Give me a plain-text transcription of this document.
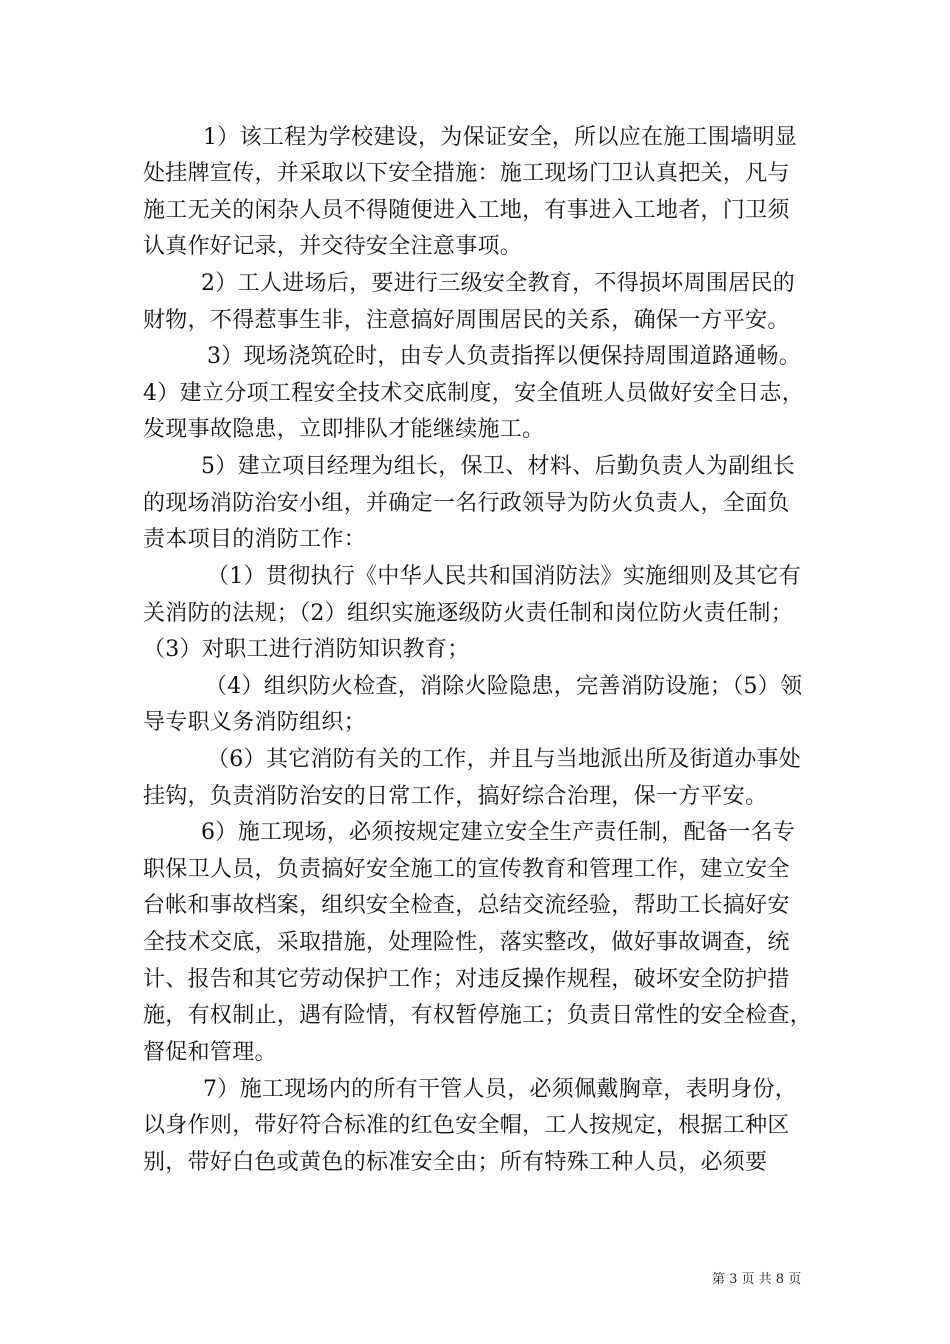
1）该工程为学校建设，为保证安全，所以应在施工围墙明显
处挂牌宣传，并采取以下安全措施：施工现场门卫认真把关，凡与
施工无关的闲杂人员不得随便进入工地，有事进入工地者，门卫须
认真作好记录，并交待安全注意事项。
2）工人进场后，要进行三级安全教育，不得损坏周围居民的
财物，不得惹事生非，注意搞好周围居民的关系，确保一方平安。
3）现场浇筑砼时，由专人负责指挥以便保持周围道路通畅。
4）建立分项工程安全技术交底制度，安全值班人员做好安全日志，
发现事故隐患，立即排队才能继续施工。
5）建立项目经理为组长，保卫、材料、后勤负责人为副组长
的现场消防治安小组，并确定一名行政领导为防火负责人，全面负
责本项目的消防工作：
（1）贯彻执行《中华人民共和国消防法》实施细则及其它有
关消防的法规；（2）组织实施逐级防火责任制和岗位防火责任制；
（3）对职工进行消防知识教育；
（4）组织防火检查，消除火险隐患，完善消防设施；（5）领
导专职义务消防组织；
（6）其它消防有关的工作，并且与当地派出所及街道办事处
挂钩，负责消防治安的日常工作，搞好综合治理，保一方平安。
6）施工现场，必须按规定建立安全生产责任制，配备一名专
职保卫人员，负责搞好安全施工的宣传教育和管理工作，建立安全
台帐和事故档案，组织安全检查，总结交流经验，帮助工长搞好安
全技术交底，采取措施，处理险性，落实整改，做好事故调查，统
计、报告和其它劳动保护工作；对违反操作规程，破坏安全防护措
施，有权制止，遇有险情，有权暂停施工；负责日常性的安全检查，
督促和管理。
7）施工现场内的所有干管人员，必须佩戴胸章，表明身份，
以身作则，带好符合标准的红色安全帽，工人按规定，根据工种区
别，带好白色或黄色的标准安全由；所有特殊工种人员，必须要
第 3 页 共 8 页
